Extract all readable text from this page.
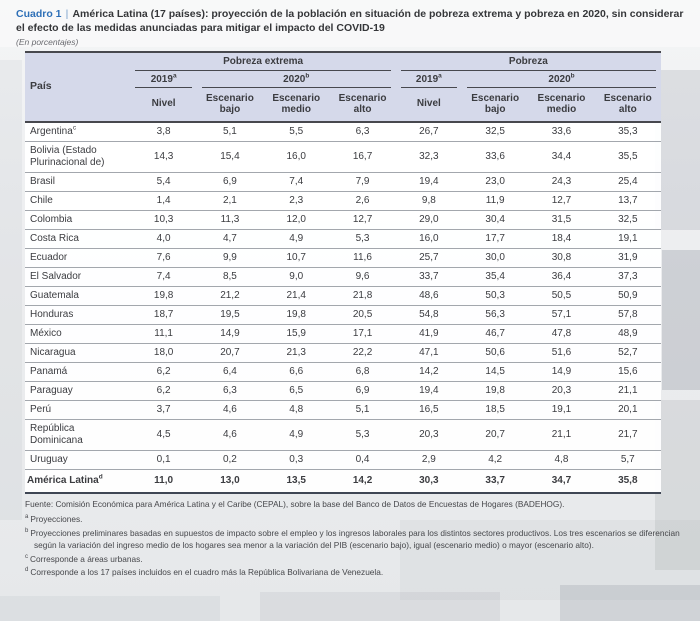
Cuadro 1 | América Latina (17 países): proyección de la población en situación de pobreza extrema y pobreza en 2020, sin considerar el efecto de las medidas anunciadas para mitigar el impacto del COVID-19
(En porcentajes)
País	Pobreza extrema				Pobreza			
	2019$^a$	2020$^b$			2019$^a$	2020$^b$
	Nivel	Escenario bajo	Escenario medio	Escenario alto	Nivel	Escenario bajo	Escenario medio	Escenario alto
Argentina$^c$	3,8	5,1	5,5	6,3	26,7	32,5	33,6	35,3
Bolivia (Estado Plurinacional de)	14,3	15,4	16,0	16,7	32,3	33,6	34,4	35,5
Brasil	5,4	6,9	7,4	7,9	19,4	23,0	24,3	25,4
Chile	1,4	2,1	2,3	2,6	9,8	11,9	12,7	13,7
Colombia	10,3	11,3	12,0	12,7	29,0	30,4	31,5	32,5
Costa Rica	4,0	4,7	4,9	5,3	16,0	17,7	18,4	19,1
Ecuador	7,6	9,9	10,7	11,6	25,7	30,0	30,8	31,9
El Salvador	7,4	8,5	9,0	9,6	33,7	35,4	36,4	37,3
Guatemala	19,8	21,2	21,4	21,8	48,6	50,3	50,5	50,9
Honduras	18,7	19,5	19,8	20,5	54,8	56,3	57,1	57,8
México	11,1	14,9	15,9	17,1	41,9	46,7	47,8	48,9
Nicaragua	18,0	20,7	21,3	22,2	47,1	50,6	51,6	52,7
Panamá	6,2	6,4	6,6	6,8	14,2	14,5	14,9	15,6
Paraguay	6,2	6,3	6,5	6,9	19,4	19,8	20,3	21,1
Perú	3,7	4,6	4,8	5,1	16,5	18,5	19,1	20,1
República Dominicana	4,5	4,6	4,9	5,3	20,3	20,7	21,1	21,7
Uruguay	0,1	0,2	0,3	0,4	2,9	4,2	4,8	5,7
América Latina$^d$	11,0	13,0	13,5	14,2	30,3	33,7	34,7	35,8
Fuente: Comisión Económica para América Latina y el Caribe (CEPAL), sobre la base del Banco de Datos de Encuestas de Hogares (BADEHOG).
$^a$ Proyecciones.
$^b$ Proyecciones preliminares basadas en supuestos de impacto sobre el empleo y los ingresos laborales para los distintos sectores productivos. Los tres escenarios se diferencian según la variación del ingreso medio de los hogares sea menor a la variación del PIB (escenario bajo), igual (escenario medio) o mayor (escenario alto).
$^c$ Corresponde a áreas urbanas.
$^d$ Corresponde a los 17 países incluidos en el cuadro más la República Bolivariana de Venezuela.
